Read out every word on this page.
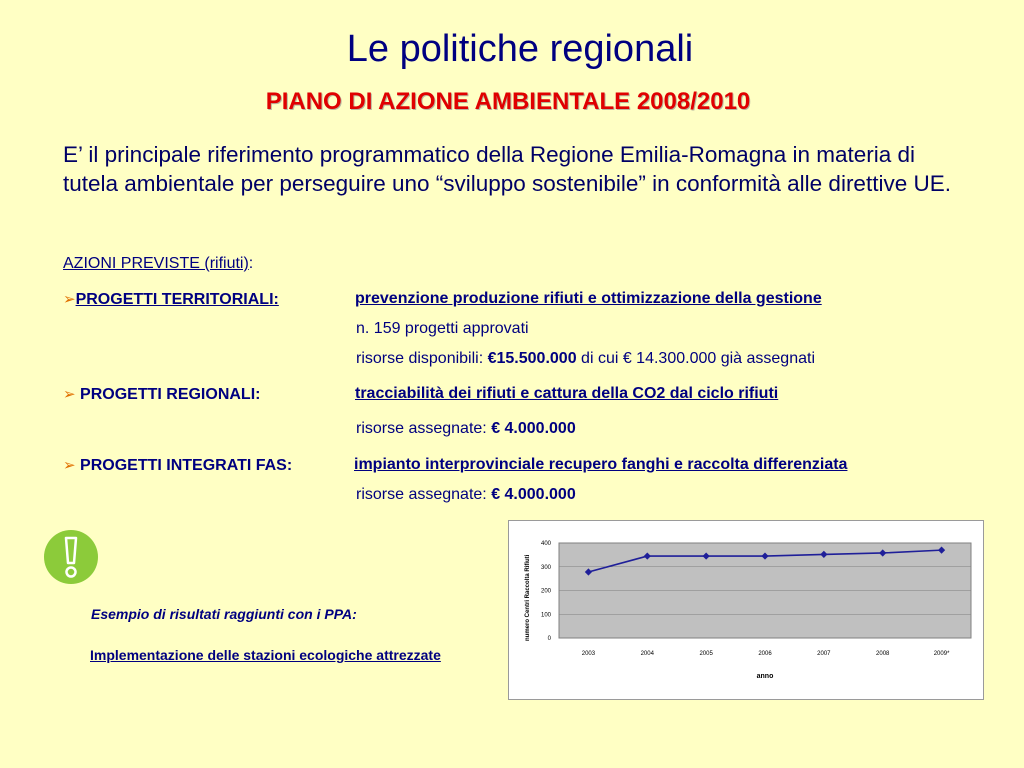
Le politiche regionali
PIANO DI AZIONE AMBIENTALE 2008/2010
E’ il principale riferimento programmatico della Regione Emilia-Romagna in materia di tutela ambientale per perseguire uno “sviluppo sostenibile” in conformità alle direttive UE.
AZIONI PREVISTE (rifiuti):
➢PROGETTI TERRITORIALI:	prevenzione produzione rifiuti e ottimizzazione della gestione
n. 159 progetti approvati
risorse disponibili: €15.500.000 di cui € 14.300.000 già assegnati
➢ PROGETTI REGIONALI:	tracciabilità dei rifiuti e cattura della CO2 dal ciclo rifiuti
risorse assegnate: € 4.000.000
➢ PROGETTI INTEGRATI FAS:	impianto interprovinciale recupero fanghi e raccolta differenziata
risorse assegnate: € 4.000.000
Esempio di risultati raggiunti con i PPA:
Implementazione delle stazioni ecologiche attrezzate
numero Centri Raccolta Rifiuti	0
100
200
300
400
2003	2004	2005	2006	2007	2008	2009*
anno
